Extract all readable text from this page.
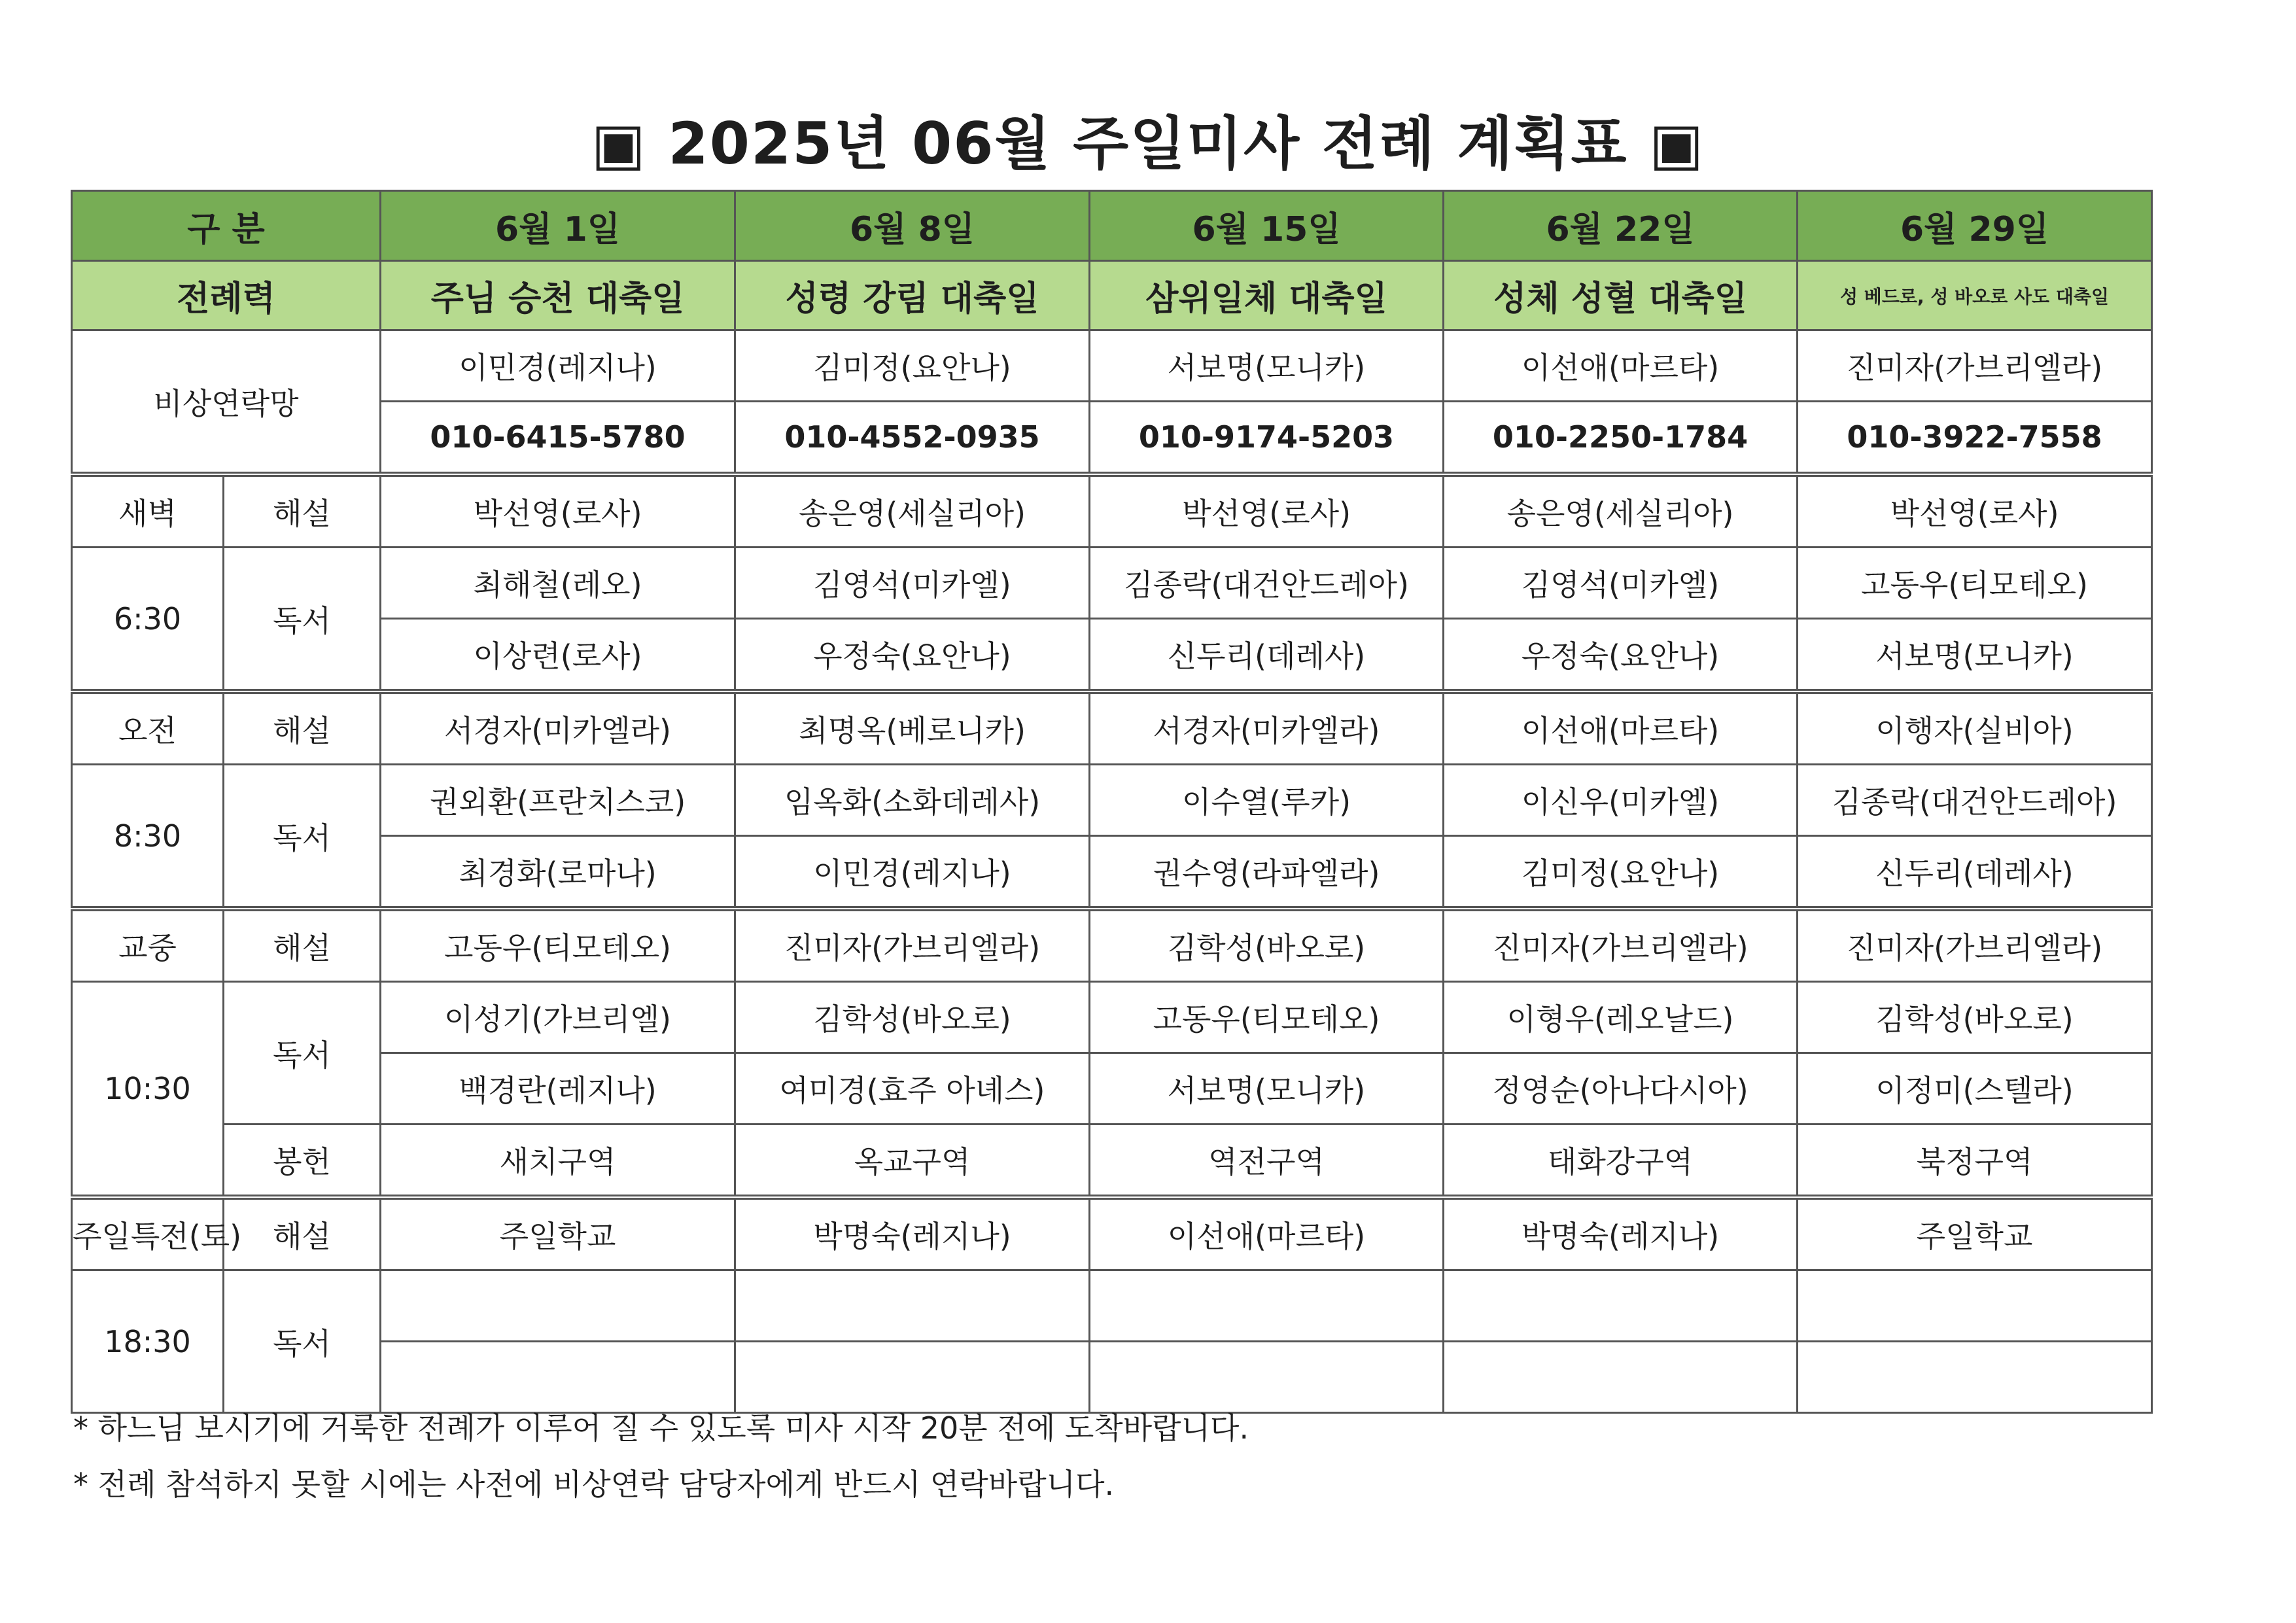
▣ 2025년 06월 주일미사 전례 계획표 ▣
구 분		6월 1일	6월 8일	6월 15일	6월 22일	6월 29일
전례력		주님 승천 대축일	성령 강림 대축일	삼위일체 대축일	성체 성혈 대축일	성 베드로, 성 바오로 사도 대축일
비상연락망		이민경(레지나)	김미정(요안나)	서보명(모니카)	이선애(마르타)	진미자(가브리엘라)
		010-6415-5780	010-4552-0935	010-9174-5203	010-2250-1784	010-3922-7558
새벽	해설	박선영(로사)	송은영(세실리아)	박선영(로사)	송은영(세실리아)	박선영(로사)
6:30	독서	최해철(레오)	김영석(미카엘)	김종락(대건안드레아)	김영석(미카엘)	고동우(티모테오)
		이상련(로사)	우정숙(요안나)	신두리(데레사)	우정숙(요안나)	서보명(모니카)
오전	해설	서경자(미카엘라)	최명옥(베로니카)	서경자(미카엘라)	이선애(마르타)	이행자(실비아)
8:30	독서	권외환(프란치스코)	임옥화(소화데레사)	이수열(루카)	이신우(미카엘)	김종락(대건안드레아)
		최경화(로마나)	이민경(레지나)	권수영(라파엘라)	김미정(요안나)	신두리(데레사)
교중	해설	고동우(티모테오)	진미자(가브리엘라)	김학성(바오로)	진미자(가브리엘라)	진미자(가브리엘라)
10:30	독서	이성기(가브리엘)	김학성(바오로)	고동우(티모테오)	이형우(레오날드)	김학성(바오로)
		백경란(레지나)	여미경(효주 아녜스)	서보명(모니카)	정영순(아나다시아)	이정미(스텔라)
	봉헌	새치구역	옥교구역	역전구역	태화강구역	북정구역
주일특전(토)	해설	주일학교	박명숙(레지나)	이선애(마르타)	박명숙(레지나)	주일학교
18:30	독서					

* 하느님 보시기에 거룩한 전례가 이루어 질 수 있도록 미사 시작 20분 전에 도착바랍니다.
* 전례 참석하지 못할 시에는 사전에 비상연락 담당자에게 반드시 연락바랍니다.
